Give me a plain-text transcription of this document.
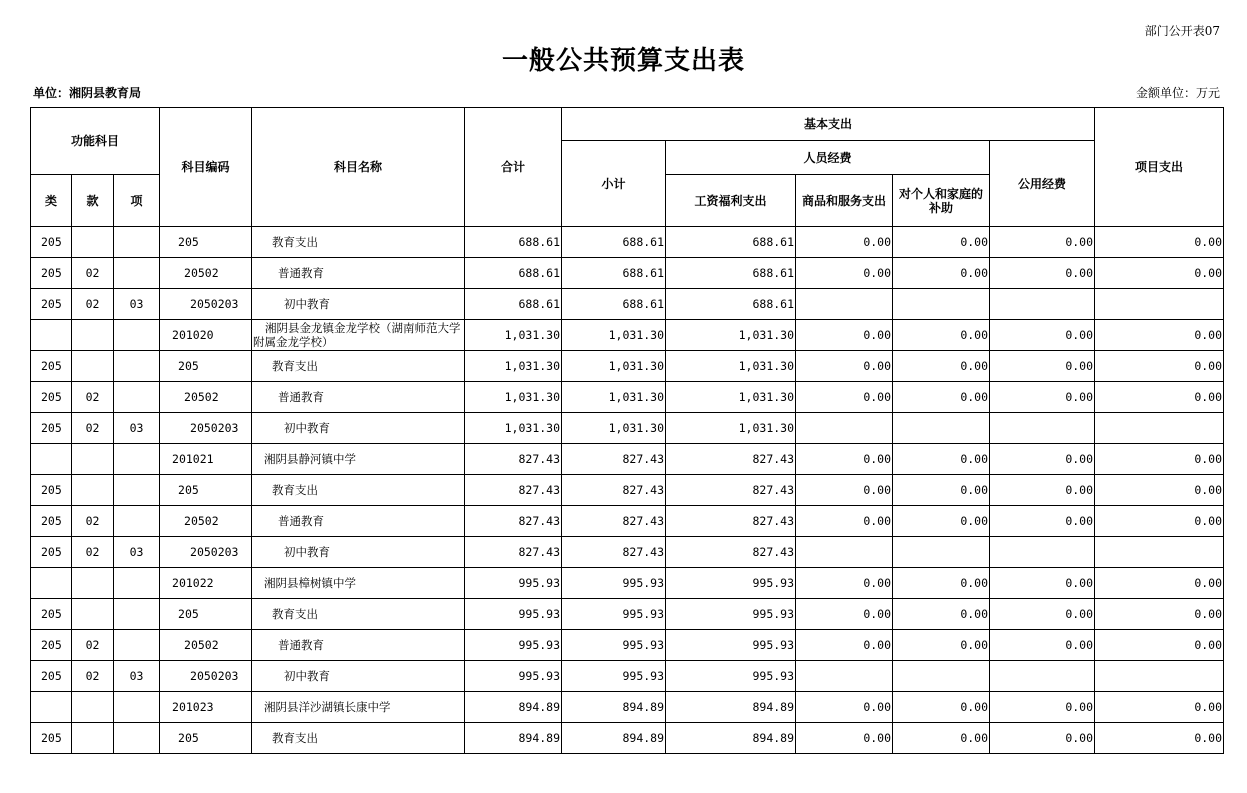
部门公开表07
一般公共预算支出表
单位：湘阴县教育局	金额单位：万元
功能科目			科目编码	科目名称	合计	基本支出					项目支出
						小计	人员经费			公用经费	
类	款	项					工资福利支出	商品和服务支出	对个人和家庭的补助		
205			205	教育支出	688.61	688.61	688.61	0.00	0.00	0.00	0.00
205	02		20502	普通教育	688.61	688.61	688.61	0.00	0.00	0.00	0.00
205	02	03	2050203	初中教育	688.61	688.61	688.61				
			201020	湘阴县金龙镇金龙学校（湖南师范大学附属金龙学校）	1,031.30	1,031.30	1,031.30	0.00	0.00	0.00	0.00
205			205	教育支出	1,031.30	1,031.30	1,031.30	0.00	0.00	0.00	0.00
205	02		20502	普通教育	1,031.30	1,031.30	1,031.30	0.00	0.00	0.00	0.00
205	02	03	2050203	初中教育	1,031.30	1,031.30	1,031.30				
			201021	湘阴县静河镇中学	827.43	827.43	827.43	0.00	0.00	0.00	0.00
205			205	教育支出	827.43	827.43	827.43	0.00	0.00	0.00	0.00
205	02		20502	普通教育	827.43	827.43	827.43	0.00	0.00	0.00	0.00
205	02	03	2050203	初中教育	827.43	827.43	827.43				
			201022	湘阴县樟树镇中学	995.93	995.93	995.93	0.00	0.00	0.00	0.00
205			205	教育支出	995.93	995.93	995.93	0.00	0.00	0.00	0.00
205	02		20502	普通教育	995.93	995.93	995.93	0.00	0.00	0.00	0.00
205	02	03	2050203	初中教育	995.93	995.93	995.93				
			201023	湘阴县洋沙湖镇长康中学	894.89	894.89	894.89	0.00	0.00	0.00	0.00
205			205	教育支出	894.89	894.89	894.89	0.00	0.00	0.00	0.00
